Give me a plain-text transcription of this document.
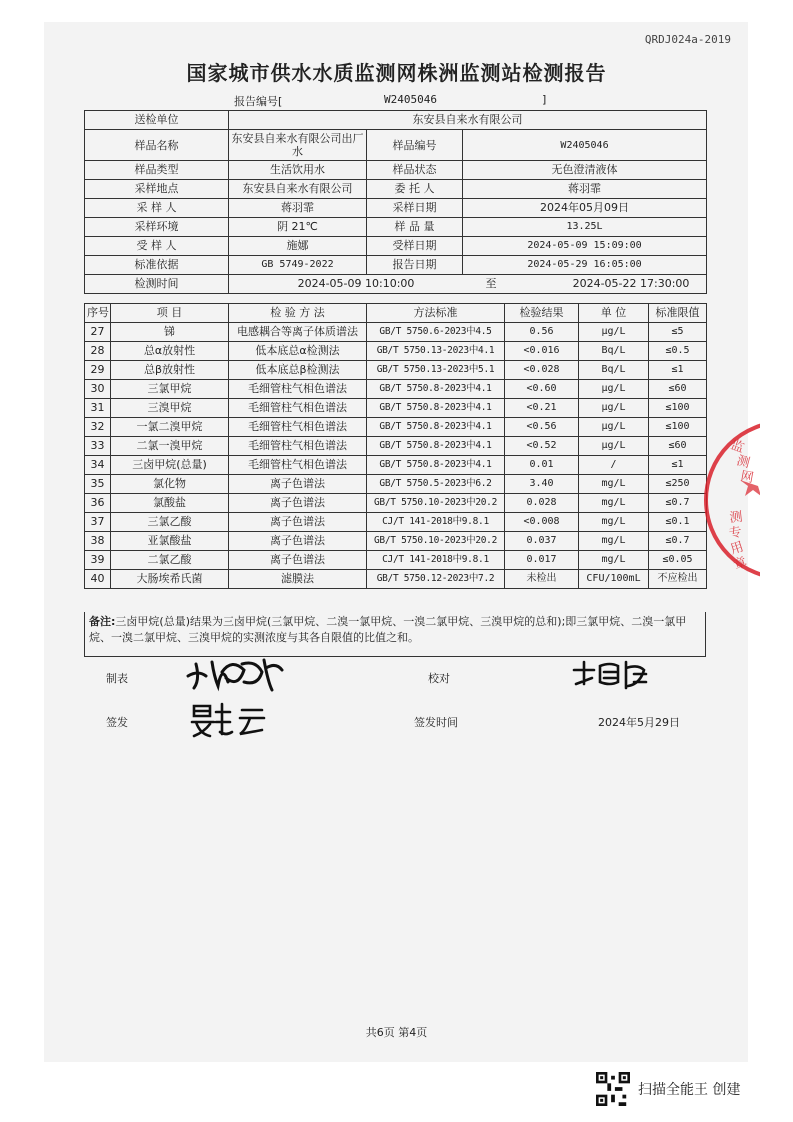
QRDJ024a-2019
国家城市供水水质监测网株洲监测站检测报告
报告编号[	W2405046	]
送检单位	东安县自来水有限公司		
样品名称	东安县自来水有限公司出厂水	样品编号	W2405046
样品类型	生活饮用水	样品状态	无色澄清液体
采样地点	东安县自来水有限公司	委 托 人	蒋羽霏
采 样 人	蒋羽霏	采样日期	2024年05月09日
采样环境	阴 21℃	样 品 量	13.25L
受 样 人	施娜	受样日期	2024-05-09 15:09:00
标准依据	GB 5749-2022	报告日期	2024-05-29 16:05:00
检测时间	2024-05-09 10:10:00 至 2024-05-22 17:30:00		
序号	项 目	检 验 方 法	方法标准	检验结果	单 位	标准限值
27	锑	电感耦合等离子体质谱法	GB/T 5750.6-2023中4.5	0.56	μg/L	≤5
28	总α放射性	低本底总α检测法	GB/T 5750.13-2023中4.1	<0.016	Bq/L	≤0.5
29	总β放射性	低本底总β检测法	GB/T 5750.13-2023中5.1	<0.028	Bq/L	≤1
30	三氯甲烷	毛细管柱气相色谱法	GB/T 5750.8-2023中4.1	<0.60	μg/L	≤60
31	三溴甲烷	毛细管柱气相色谱法	GB/T 5750.8-2023中4.1	<0.21	μg/L	≤100
32	一氯二溴甲烷	毛细管柱气相色谱法	GB/T 5750.8-2023中4.1	<0.56	μg/L	≤100
33	二氯一溴甲烷	毛细管柱气相色谱法	GB/T 5750.8-2023中4.1	<0.52	μg/L	≤60
34	三卤甲烷(总量)	毛细管柱气相色谱法	GB/T 5750.8-2023中4.1	0.01	/	≤1
35	氯化物	离子色谱法	GB/T 5750.5-2023中6.2	3.40	mg/L	≤250
36	氯酸盐	离子色谱法	GB/T 5750.10-2023中20.2	0.028	mg/L	≤0.7
37	三氯乙酸	离子色谱法	CJ/T 141-2018中9.8.1	<0.008	mg/L	≤0.1
38	亚氯酸盐	离子色谱法	GB/T 5750.10-2023中20.2	0.037	mg/L	≤0.7
39	二氯乙酸	离子色谱法	CJ/T 141-2018中9.8.1	0.017	mg/L	≤0.05
40	大肠埃希氏菌	滤膜法	GB/T 5750.12-2023中7.2	未检出	CFU/100mL	不应检出
备注:三卤甲烷(总量)结果为三卤甲烷(三氯甲烷、二溴一氯甲烷、一溴二氯甲烷、三溴甲烷的总和);即三氯甲烷、二溴一氯甲烷、一溴二氯甲烷、三溴甲烷的实测浓度与其各自限值的比值之和。
制表	校对
签发	签发时间	2024年5月29日
监
测
网
测
专
用
章
共6页 第4页
扫描全能王 创建
